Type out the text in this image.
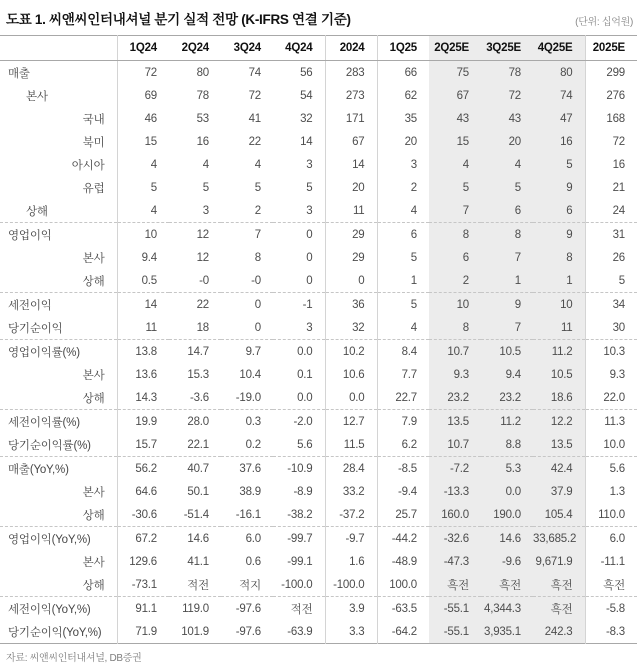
도표 1. 씨앤씨인터내셔널 분기 실적 전망 (K-IFRS 연결 기준)	(단위: 십억원)
	1Q24	2Q24	3Q24	4Q24	2024	1Q25	2Q25E	3Q25E	4Q25E	2025E
매출	72	80	74	56	283	66	75	78	80	299
본사	69	78	72	54	273	62	67	72	74	276
국내	46	53	41	32	171	35	43	43	47	168
북미	15	16	22	14	67	20	15	20	16	72
아시아	4	4	4	3	14	3	4	4	5	16
유럽	5	5	5	5	20	2	5	5	9	21
상해	4	3	2	3	11	4	7	6	6	24
영업이익	10	12	7	0	29	6	8	8	9	31
본사	9.4	12	8	0	29	5	6	7	8	26
상해	0.5	-0	-0	0	0	1	2	1	1	5
세전이익	14	22	0	-1	36	5	10	9	10	34
당기순이익	11	18	0	3	32	4	8	7	11	30
영업이익률(%)	13.8	14.7	9.7	0.0	10.2	8.4	10.7	10.5	11.2	10.3
본사	13.6	15.3	10.4	0.1	10.6	7.7	9.3	9.4	10.5	9.3
상해	14.3	-3.6	-19.0	0.0	0.0	22.7	23.2	23.2	18.6	22.0
세전이익률(%)	19.9	28.0	0.3	-2.0	12.7	7.9	13.5	11.2	12.2	11.3
당기순이익률(%)	15.7	22.1	0.2	5.6	11.5	6.2	10.7	8.8	13.5	10.0
매출(YoY,%)	56.2	40.7	37.6	-10.9	28.4	-8.5	-7.2	5.3	42.4	5.6
본사	64.6	50.1	38.9	-8.9	33.2	-9.4	-13.3	0.0	37.9	1.3
상해	-30.6	-51.4	-16.1	-38.2	-37.2	25.7	160.0	190.0	105.4	110.0
영업이익(YoY,%)	67.2	14.6	6.0	-99.7	-9.7	-44.2	-32.6	14.6	33,685.2	6.0
본사	129.6	41.1	0.6	-99.1	1.6	-48.9	-47.3	-9.6	9,671.9	-11.1
상해	-73.1	적전	적지	-100.0	-100.0	100.0	흑전	흑전	흑전	흑전
세전이익(YoY,%)	91.1	119.0	-97.6	적전	3.9	-63.5	-55.1	4,344.3	흑전	-5.8
당기순이익(YoY,%)	71.9	101.9	-97.6	-63.9	3.3	-64.2	-55.1	3,935.1	242.3	-8.3
자료: 씨앤씨인터내셔널, DB증권
